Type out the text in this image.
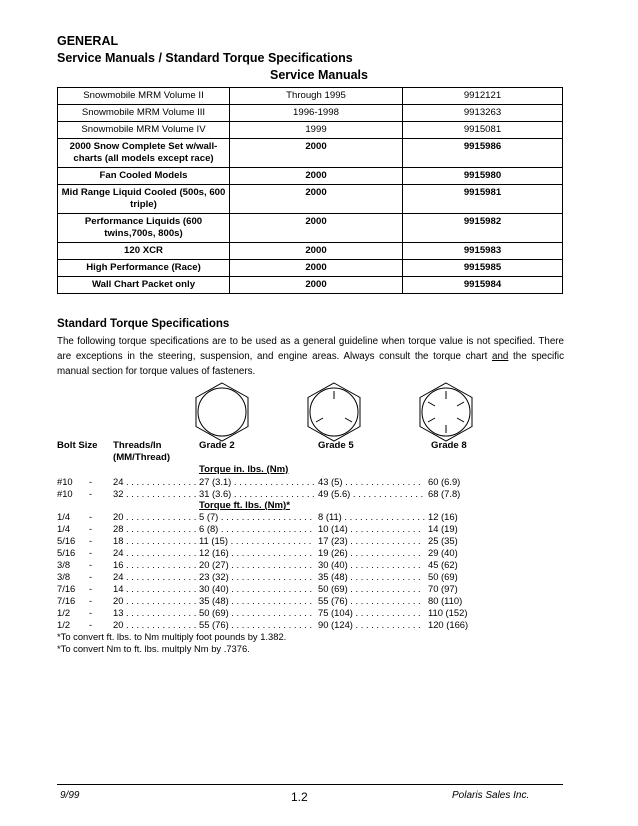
GENERAL
Service Manuals / Standard Torque Specifications
Service Manuals
Snowmobile MRM Volume II	Through 1995	9912121
Snowmobile MRM Volume III	1996-1998	9913263
Snowmobile MRM Volume IV	1999	9915081
2000 Snow Complete Set w/wall-charts (all models except race)	2000	9915986
Fan Cooled Models	2000	9915980
Mid Range Liquid Cooled (500s, 600 triple)	2000	9915981
Performance Liquids (600 twins,700s, 800s)	2000	9915982
120 XCR	2000	9915983
High Performance (Race)	2000	9915985
Wall Chart Packet only	2000	9915984
Standard Torque Specifications
The following torque specifications are to be used as a general guideline when torque value is not specified. There are exceptions in the steering, suspension, and engine areas. Always consult the torque chart and the specific manual section for torque values of fasteners.
Bolt Size Threads/In (MM/Thread)
Grade 2	Grade 5	Grade 8
Torque in. lbs. (Nm)
#10 - 24 . . . . . . . . . . . . . . 27 (3.1) . . . . . . . . . . . . . . . . 43 (5) . . . . . . . . . . . . . . . 60 (6.9)
#10 - 32 . . . . . . . . . . . . . . 31 (3.6) . . . . . . . . . . . . . . . . 49 (5.6) . . . . . . . . . . . . . . 68 (7.8)
Torque ft. lbs. (Nm)*
1/4 - 20 . . . . . . . . . . . . . . 5 (7) . . . . . . . . . . . . . . . . . . 8 (11) . . . . . . . . . . . . . . . . 12 (16)
1/4 - 28 . . . . . . . . . . . . . . 6 (8) . . . . . . . . . . . . . . . . . . 10 (14) . . . . . . . . . . . . . . 14 (19)
5/16 - 18 . . . . . . . . . . . . . . 11 (15) . . . . . . . . . . . . . . . . 17 (23) . . . . . . . . . . . . . . 25 (35)
5/16 - 24 . . . . . . . . . . . . . . 12 (16) . . . . . . . . . . . . . . . . 19 (26) . . . . . . . . . . . . . . 29 (40)
3/8 - 16 . . . . . . . . . . . . . . 20 (27) . . . . . . . . . . . . . . . . 30 (40) . . . . . . . . . . . . . . 45 (62)
3/8 - 24 . . . . . . . . . . . . . . 23 (32) . . . . . . . . . . . . . . . . 35 (48) . . . . . . . . . . . . . . 50 (69)
7/16 - 14 . . . . . . . . . . . . . . 30 (40) . . . . . . . . . . . . . . . . 50 (69) . . . . . . . . . . . . . . 70 (97)
7/16 - 20 . . . . . . . . . . . . . . 35 (48) . . . . . . . . . . . . . . . . 55 (76) . . . . . . . . . . . . . . 80 (110)
1/2 - 13 . . . . . . . . . . . . . . 50 (69) . . . . . . . . . . . . . . . . 75 (104) . . . . . . . . . . . . . 110 (152)
1/2 - 20 . . . . . . . . . . . . . . 55 (76) . . . . . . . . . . . . . . . . 90 (124) . . . . . . . . . . . . . 120 (166)
*To convert ft. lbs. to Nm multiply foot pounds by 1.382.
*To convert Nm to ft. lbs. multply Nm by .7376.
9/99	1.2	Polaris Sales Inc.
